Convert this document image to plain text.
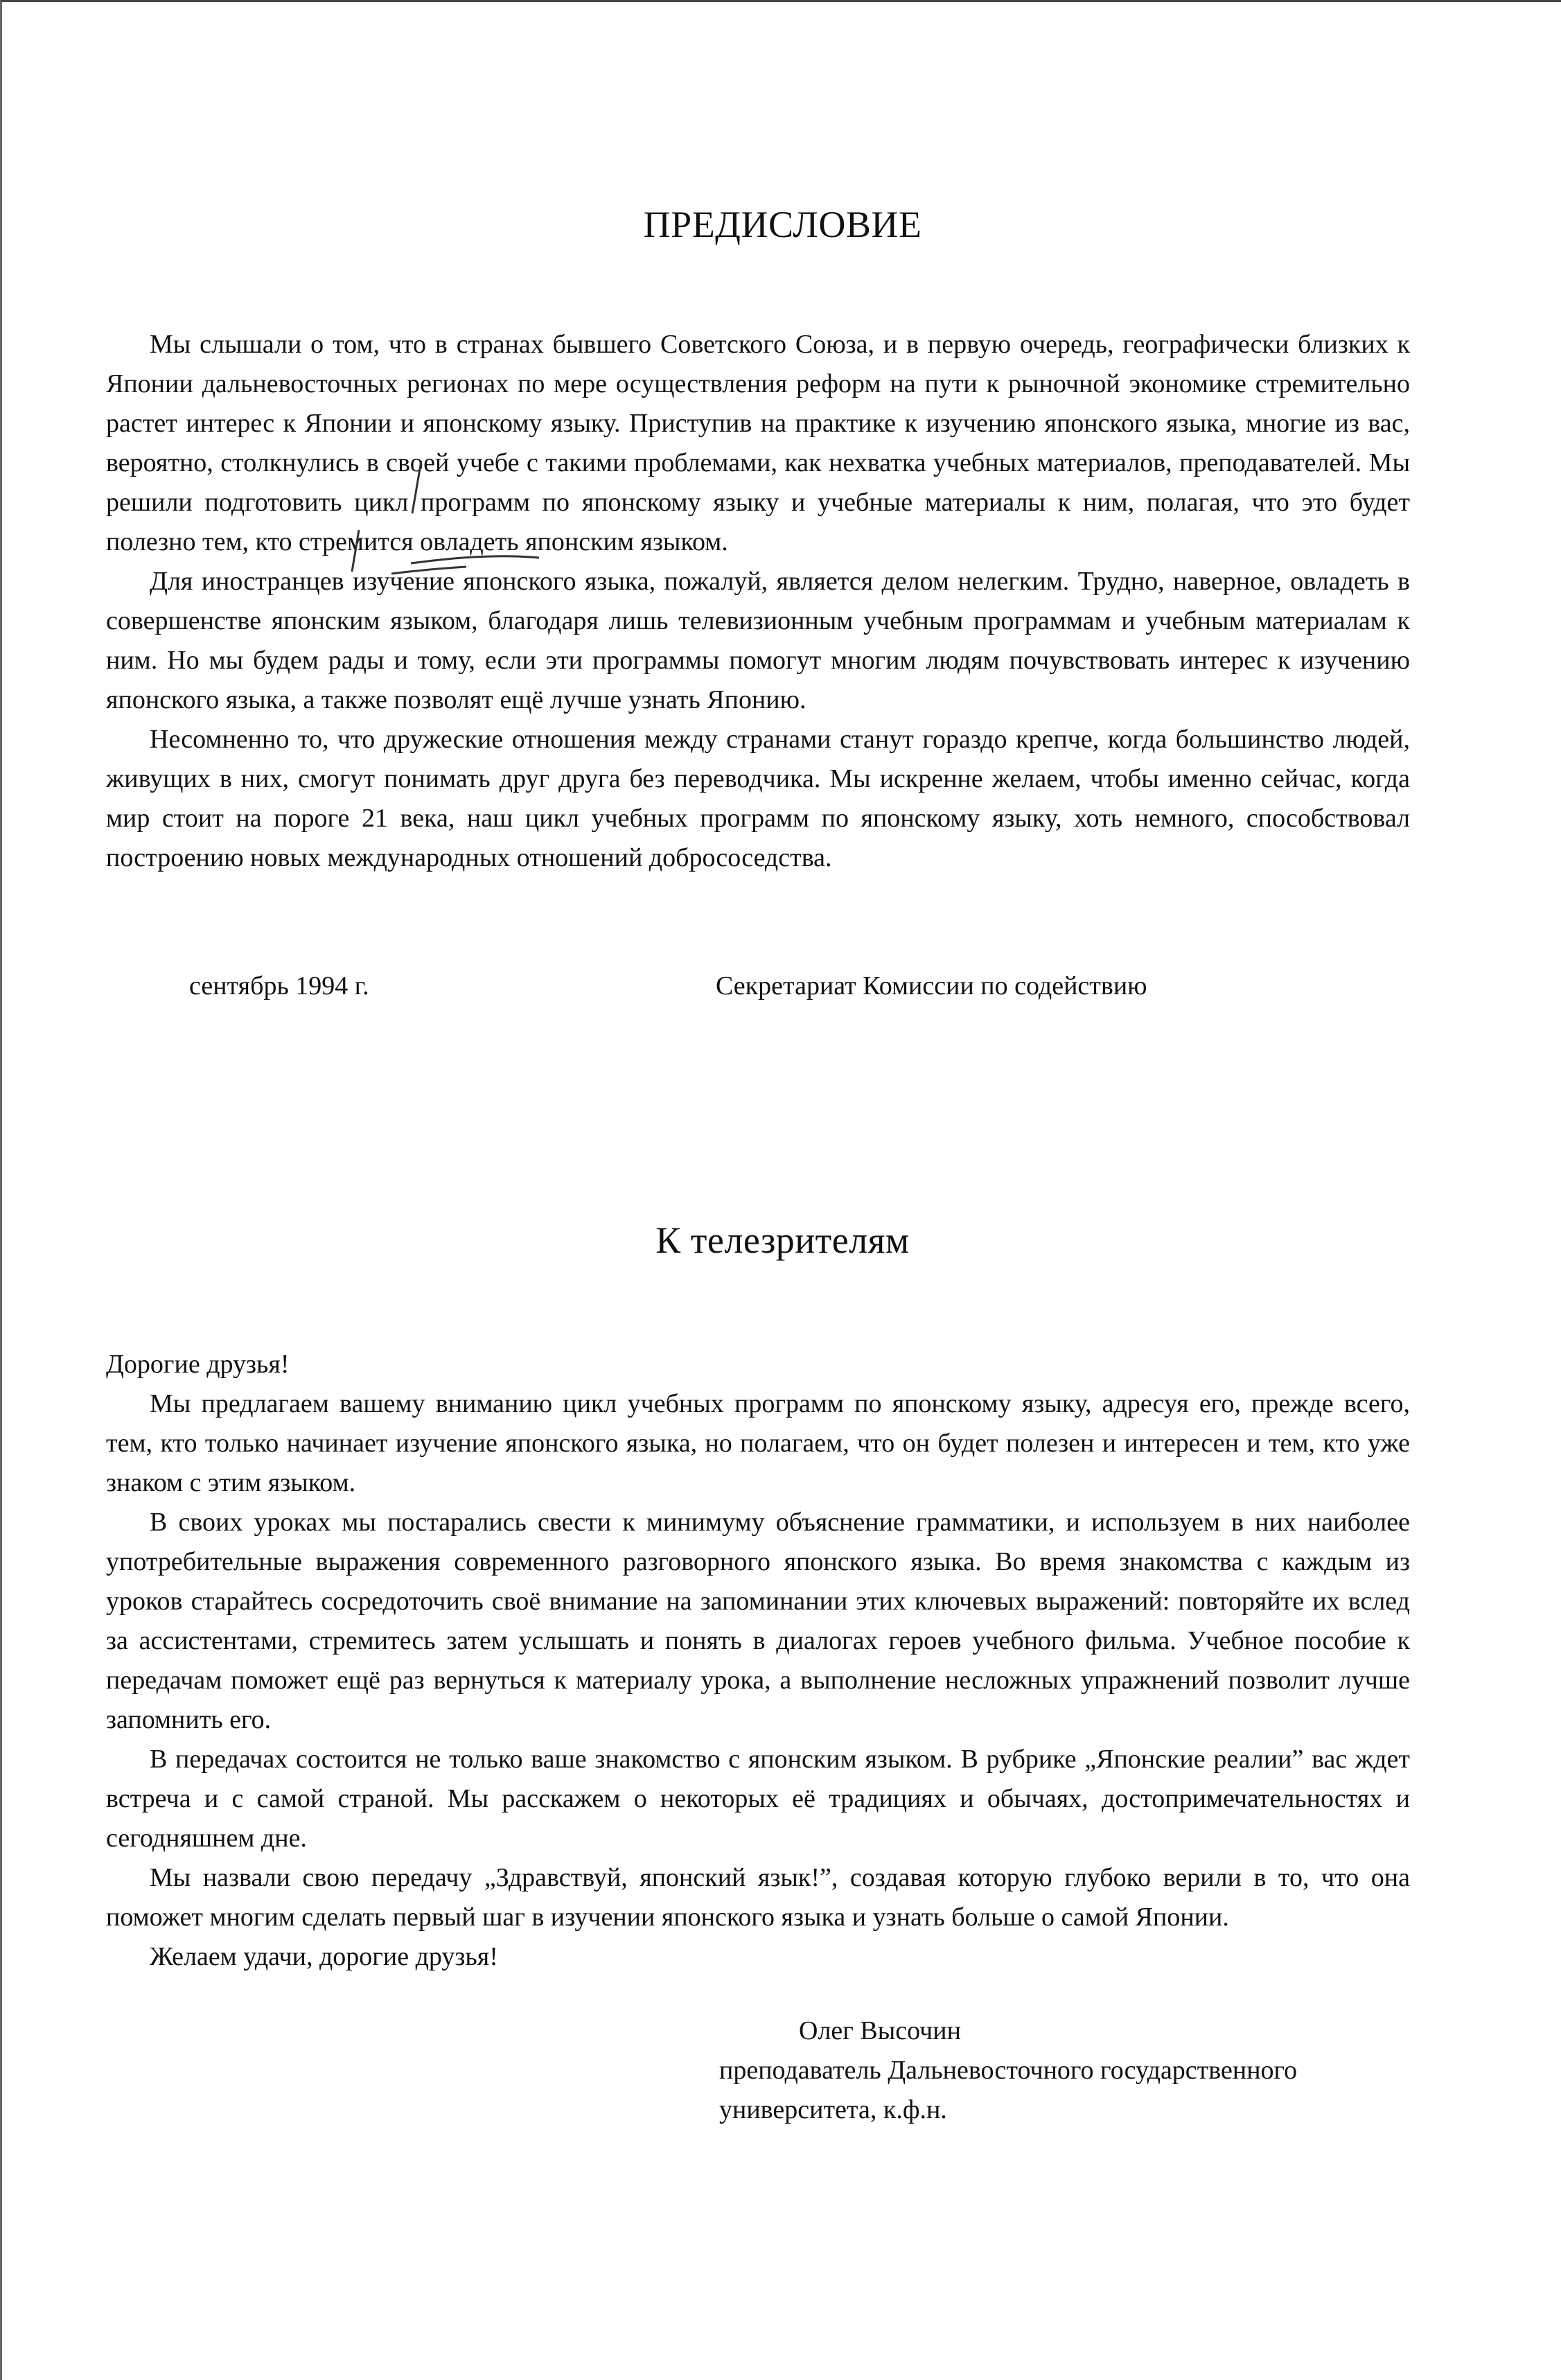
ПРЕДИСЛОВИЕ

Мы слышали о том, что в странах бывшего Советского Союза, и в первую очередь, географически близких к Японии дальневосточных регионах по мере осуществления реформ на пути к рыночной экономике стремительно растет интерес к Японии и японскому языку. Приступив на практике к изучению японского языка, многие из вас, вероятно, столкнулись в своей учебе с такими проблемами, как нехватка учебных материалов, преподавателей. Мы решили подготовить цикл программ по японскому языку и учебные материалы к ним, полагая, что это будет полезно тем, кто стремится овладеть японским языком.

Для иностранцев изучение японского языка, пожалуй, является делом нелегким. Трудно, наверное, овладеть в совершенстве японским языком, благодаря лишь телевизионным учебным программам и учебным материалам к ним. Но мы будем рады и тому, если эти программы помогут многим людям почувствовать интерес к изучению японского языка, а также позволят ещё лучше узнать Японию.

Несомненно то, что дружеские отношения между странами станут гораздо крепче, когда большинство людей, живущих в них, смогут понимать друг друга без переводчика. Мы искренне желаем, чтобы именно сейчас, когда мир стоит на пороге 21 века, наш цикл учебных программ по японскому языку, хоть немного, способствовал построению новых международных отношений добрососедства.

сентябрь 1994 г.	Секретариат Комиссии по содействию
К телезрителям

Дорогие друзья!

Мы предлагаем вашему вниманию цикл учебных программ по японскому языку, адресуя его, прежде всего, тем, кто только начинает изучение японского языка, но полагаем, что он будет полезен и интересен и тем, кто уже знаком с этим языком.

В своих уроках мы постарались свести к минимуму объяснение грамматики, и используем в них наиболее употребительные выражения современного разговорного японского языка. Во время знакомства с каждым из уроков старайтесь сосредоточить своё внимание на запоминании этих ключевых выражений: повторяйте их вслед за ассистентами, стремитесь затем услышать и понять в диалогах героев учебного фильма. Учебное пособие к передачам поможет ещё раз вернуться к материалу урока, а выполнение несложных упражнений позволит лучше запомнить его.

В передачах состоится не только ваше знакомство с японским языком. В рубрике „Японские реалии” вас ждет встреча и с самой страной. Мы расскажем о некоторых её традициях и обычаях, достопримечательностях и сегодняшнем дне.

Мы назвали свою передачу „Здравствуй, японский язык!”, создавая которую глубоко верили в то, что она поможет многим сделать первый шаг в изучении японского языка и узнать больше о самой Японии.

Желаем удачи, дорогие друзья!

Олег Высочин
преподаватель Дальневосточного государственного
университета, к.ф.н.
